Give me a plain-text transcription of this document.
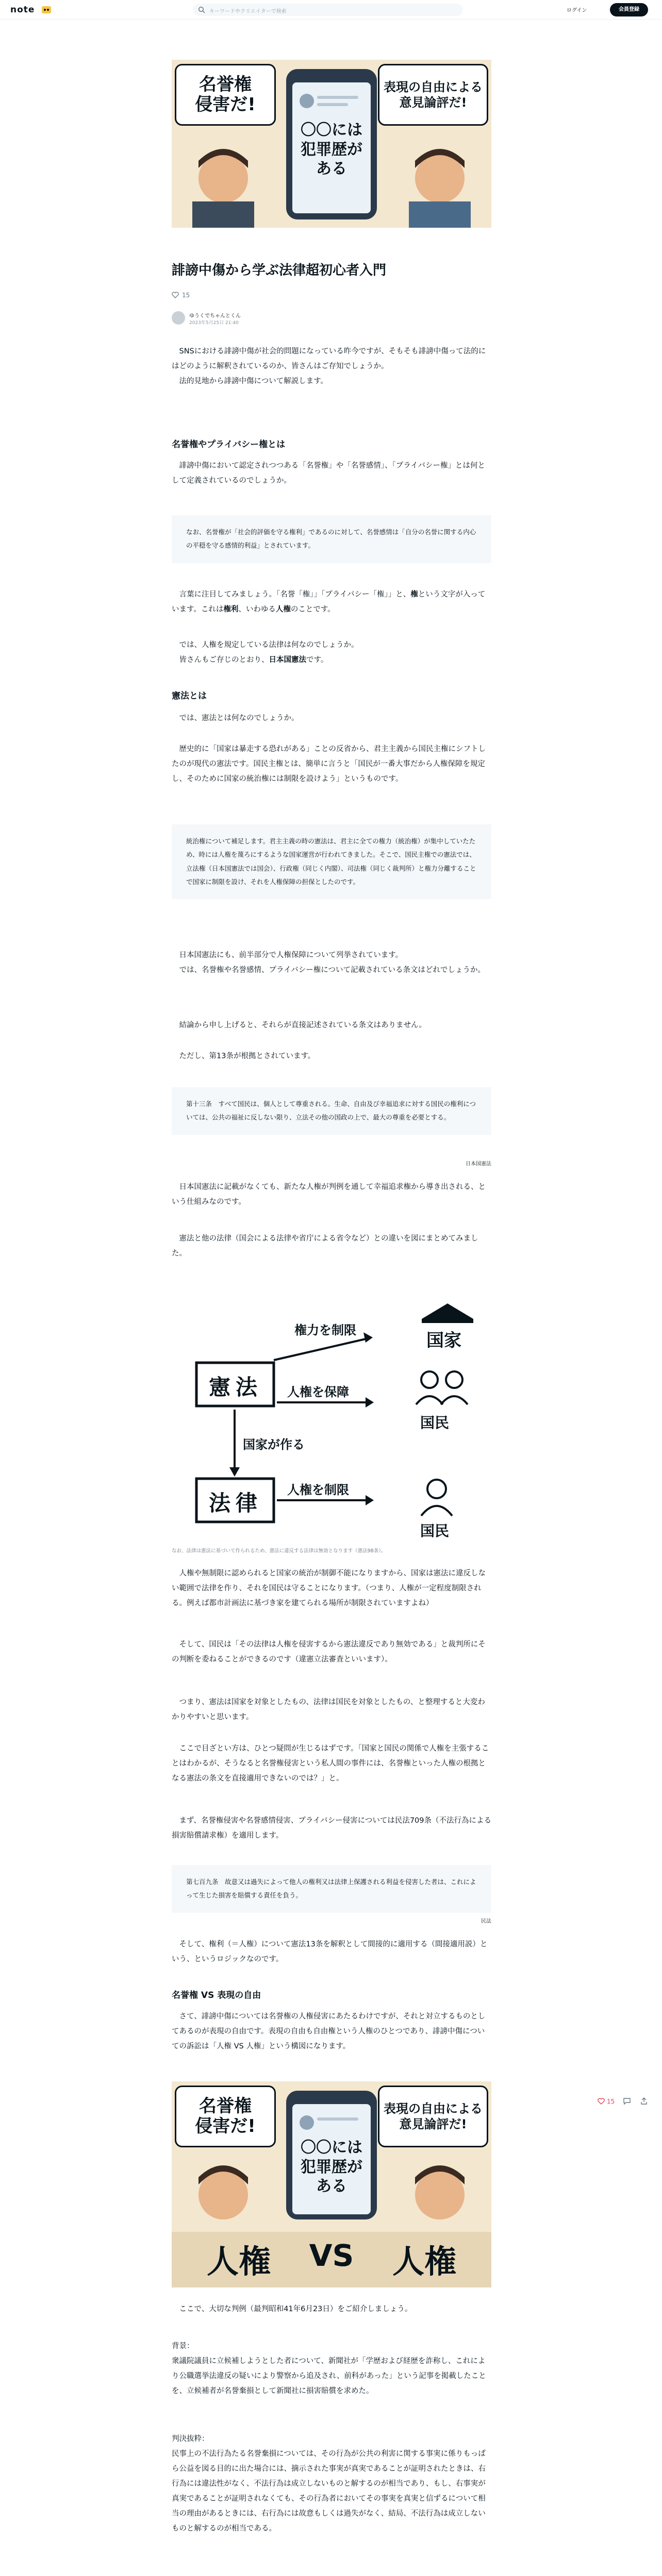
note	キーワードやクリエイターで検索	ログイン	会員登録
名誉権
侵害だ!
表現の自由による
意見論評だ!
〇〇には
犯罪歴が
ある
誹謗中傷から学ぶ法律超初心者入門
15
ゆうくでちゃんとくん
2023年5月25日 21:40
SNSにおける誹謗中傷が社会的問題になっている昨今ですが、そもそも誹謗中傷って法的にはどのように解釈されているのか、皆さんはご存知でしょうか。
法的見地から誹謗中傷について解説します。
名誉権やプライバシー権とは
誹謗中傷において認定されつつある「名誉権」や「名誉感情」、「プライバシー権」とは何として定義されているのでしょうか。
なお、名誉権が「社会的評価を守る権利」であるのに対して、名誉感情は「自分の名誉に関する内心の平穏を守る感情的利益」とされています。
言葉に注目してみましょう。「名誉「権」」「プライバシー「権」」と、権という文字が入っています。これは権利、いわゆる人権のことです。
では、人権を規定している法律は何なのでしょうか。
皆さんもご存じのとおり、日本国憲法です。
憲法とは
では、憲法とは何なのでしょうか。
歴史的に「国家は暴走する恐れがある」ことの反省から、君主主義から国民主権にシフトしたのが現代の憲法です。国民主権とは、簡単に言うと「国民が一番大事だから人権保障を規定し、そのために国家の統治権には制限を設けよう」というものです。
統治権について補足します。君主主義の時の憲法は、君主に全ての権力（統治権）が集中していたため、時には人権を蔑ろにするような国家運営が行われてきました。そこで、国民主権での憲法では、立法権（日本国憲法では国会）、行政権（同じく内閣）、司法権（同じく裁判所）と権力分離することで国家に制限を設け、それを人権保障の担保としたのです。
日本国憲法にも、前半部分で人権保障について列挙されています。
では、名誉権や名誉感情、プライバシー権について記載されている条文はどれでしょうか。
結論から申し上げると、それらが直接記述されている条文はありません。
ただし、第13条が根拠とされています。
第十三条　すべて国民は、個人として尊重される。生命、自由及び幸福追求に対する国民の権利については、公共の福祉に反しない限り、立法その他の国政の上で、最大の尊重を必要とする。
日本国憲法
日本国憲法に記載がなくても、新たな人権が判例を通して幸福追求権から導き出される、という仕組みなのです。
憲法と他の法律（国会による法律や省庁による省令など）との違いを図にまとめてみました。
権力を制限	国家
憲法	人権を保障
国民
国家が作る
法律
人権を制限
国民
なお、法律は憲法に基づいて作られるため、憲法に違反する法律は無効となります（憲法98条）。
人権や無制限に認められると国家の統治が制御不能になりますから、国家は憲法に違反しない範囲で法律を作り、それを国民は守ることになります。（つまり、人権が一定程度制限される。例えば都市計画法に基づき家を建てられる場所が制限されていますよね）
そして、国民は「その法律は人権を侵害するから憲法違反であり無効である」と裁判所にその判断を委ねることができるのです（違憲立法審査といいます）。
つまり、憲法は国家を対象としたもの、法律は国民を対象としたもの、と整理すると大変わかりやすいと思います。
ここで目ざとい方は、ひとつ疑問が生じるはずです。「国家と国民の関係で人権を主張することはわかるが、そうなると名誉権侵害という私人間の事件には、名誉権といった人権の根拠となる憲法の条文を直接適用できないのでは？」と。
まず、名誉権侵害や名誉感情侵害、プライバシー侵害については民法709条（不法行為による損害賠償請求権）を適用します。
第七百九条　故意又は過失によって他人の権利又は法律上保護される利益を侵害した者は、これによって生じた損害を賠償する責任を負う。
民法
そして、権利（＝人権）について憲法13条を解釈として間接的に適用する（間接適用説）という、というロジックなのです。
名誉権 VS 表現の自由
さて、誹謗中傷については名誉権の人権侵害にあたるわけですが、それと対立するものとしてあるのが表現の自由です。表現の自由も自由権という人権のひとつであり、誹謗中傷についての訴訟は「人権 VS 人権」という構図になります。
名誉権
侵害だ!
表現の自由による
意見論評だ!
〇〇には
犯罪歴が
ある
人権	VS	人権
ここで、大切な判例（最判昭和41年6月23日）をご紹介しましょう。
背景：
衆議院議員に立候補しようとした者について、新聞社が「学歴および経歴を詐称し、これにより公職選挙法違反の疑いにより警察から追及され、前科があった」という記事を掲載したことを、立候補者が名誉棄損として新聞社に損害賠償を求めた。
判決抜粋：
民事上の不法行為たる名誉棄損については、その行為が公共の利害に関する事実に係りもっぱら公益を図る目的に出た場合には、摘示された事実が真実であることが証明されたときは、右行為には違法性がなく、不法行為は成立しないものと解するのが相当であり、もし、右事実が真実であることが証明されなくても、その行為者においてその事実を真実と信ずるについて相当の理由があるときには、右行為には故意もしくは過失がなく、結局、不法行為は成立しないものと解するのが相当である。
15
